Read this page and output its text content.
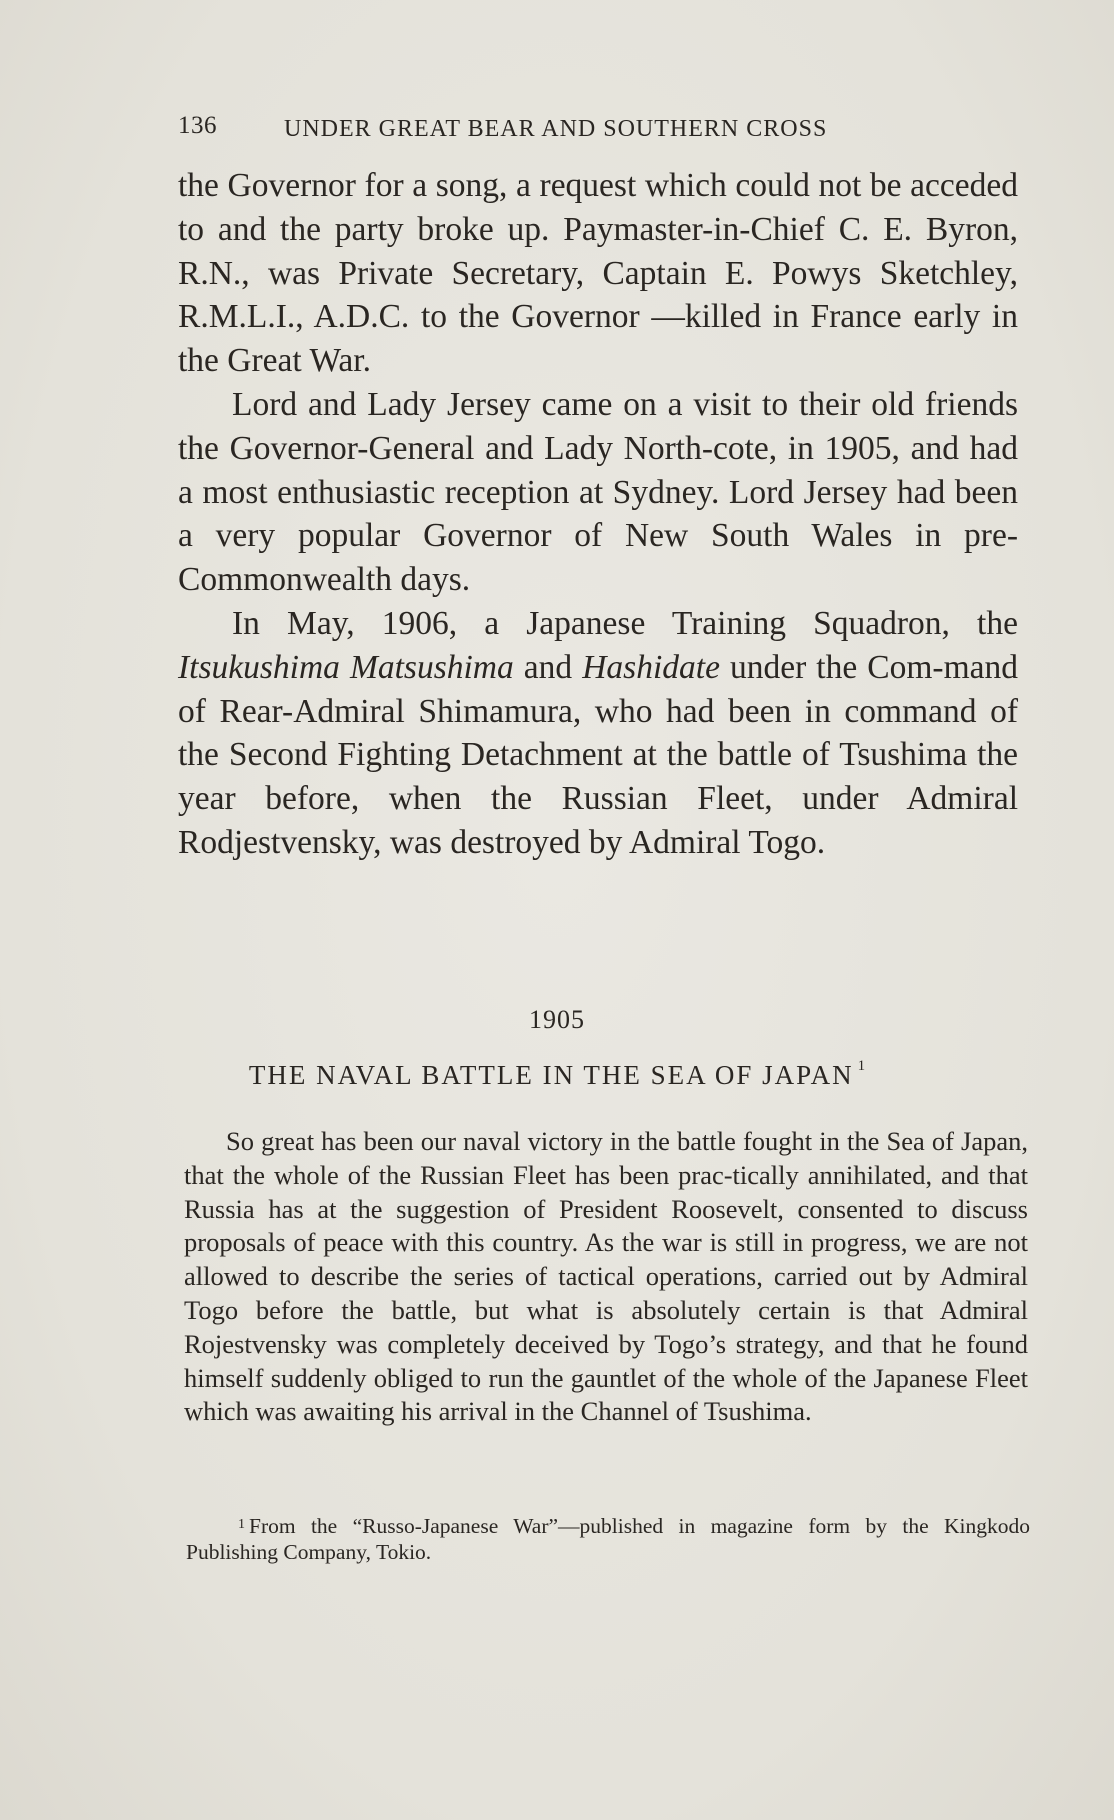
136	UNDER GREAT BEAR AND SOUTHERN CROSS

the Governor for a song, a request which could not be acceded to and the party broke up. Paymaster-in-Chief C. E. Byron, R.N., was Private Secretary, Captain E. Powys Sketchley, R.M.L.I., A.D.C. to the Governor —killed in France early in the Great War.

Lord and Lady Jersey came on a visit to their old friends the Governor-General and Lady North-cote, in 1905, and had a most enthusiastic reception at Sydney. Lord Jersey had been a very popular Governor of New South Wales in pre-Commonwealth days.

In May, 1906, a Japanese Training Squadron, the Itsukushima Matsushima and Hashidate under the Com-mand of Rear-Admiral Shimamura, who had been in command of the Second Fighting Detachment at the battle of Tsushima the year before, when the Russian Fleet, under Admiral Rodjestvensky, was destroyed by Admiral Togo.

1905
THE NAVAL BATTLE IN THE SEA OF JAPAN $^1$

So great has been our naval victory in the battle fought in the Sea of Japan, that the whole of the Russian Fleet has been prac-tically annihilated, and that Russia has at the suggestion of President Roosevelt, consented to discuss proposals of peace with this country. As the war is still in progress, we are not allowed to describe the series of tactical operations, carried out by Admiral Togo before the battle, but what is absolutely certain is that Admiral Rojestvensky was completely deceived by Togo’s strategy, and that he found himself suddenly obliged to run the gauntlet of the whole of the Japanese Fleet which was awaiting his arrival in the Channel of Tsushima.

$^1$ From the “Russo-Japanese War”—published in magazine form by the Kingkodo Publishing Company, Tokio.
